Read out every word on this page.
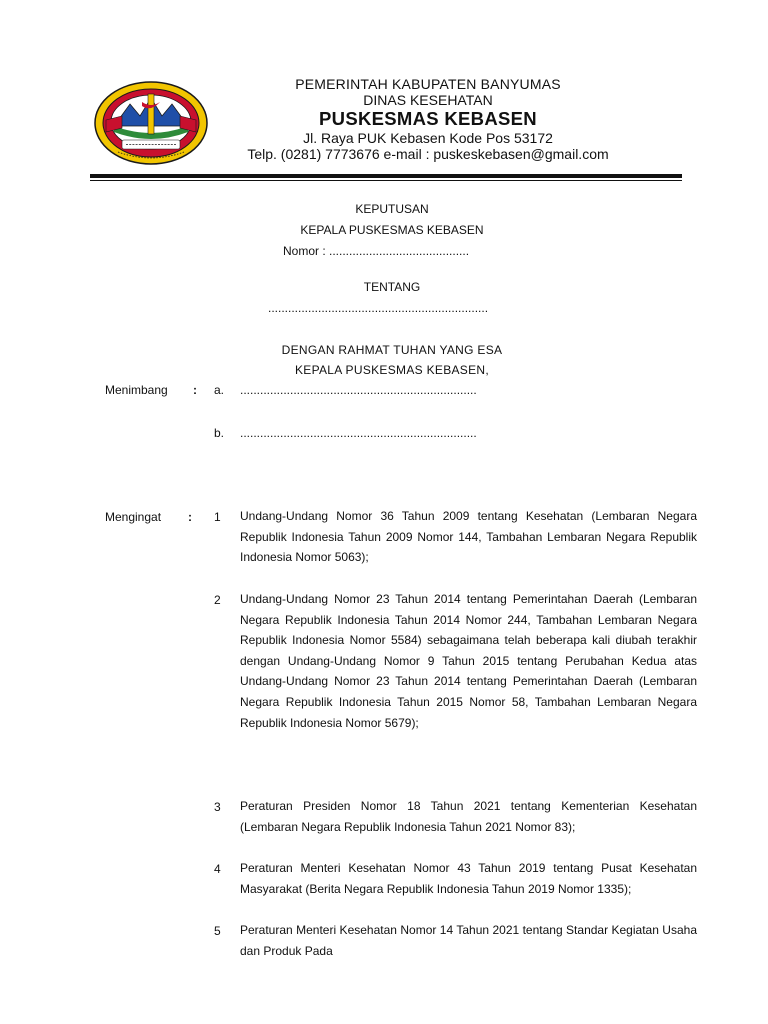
PEMERINTAH KABUPATEN BANYUMAS
DINAS KESEHATAN
PUSKESMAS KEBASEN
Jl. Raya PUK Kebasen Kode Pos 53172
Telp. (0281) 7773676 e-mail : puskeskebasen@gmail.com
KEPUTUSAN
KEPALA PUSKESMAS KEBASEN
Nomor : ..........................................
TENTANG
..................................................................
DENGAN RAHMAT TUHAN YANG ESA
KEPALA PUSKESMAS KEBASEN,
Menimbang : a. .......................................................................
b. .......................................................................
Mengingat : 1 Undang-Undang Nomor 36 Tahun 2009 tentang Kesehatan (Lembaran Negara Republik Indonesia Tahun 2009 Nomor 144, Tambahan Lembaran Negara Republik Indonesia Nomor 5063);
2 Undang-Undang Nomor 23 Tahun 2014 tentang Pemerintahan Daerah (Lembaran Negara Republik Indonesia Tahun 2014 Nomor 244, Tambahan Lembaran Negara Republik Indonesia Nomor 5584) sebagaimana telah beberapa kali diubah terakhir dengan Undang-Undang Nomor 9 Tahun 2015 tentang Perubahan Kedua atas Undang-Undang Nomor 23 Tahun 2014 tentang Pemerintahan Daerah (Lembaran Negara Republik Indonesia Tahun 2015 Nomor 58, Tambahan Lembaran Negara Republik Indonesia Nomor 5679);
3 Peraturan Presiden Nomor 18 Tahun 2021 tentang Kementerian Kesehatan (Lembaran Negara Republik Indonesia Tahun 2021 Nomor 83);
4 Peraturan Menteri Kesehatan Nomor 43 Tahun 2019 tentang Pusat Kesehatan Masyarakat (Berita Negara Republik Indonesia Tahun 2019 Nomor 1335);
5 Peraturan Menteri Kesehatan Nomor 14 Tahun 2021 tentang Standar Kegiatan Usaha dan Produk Pada
